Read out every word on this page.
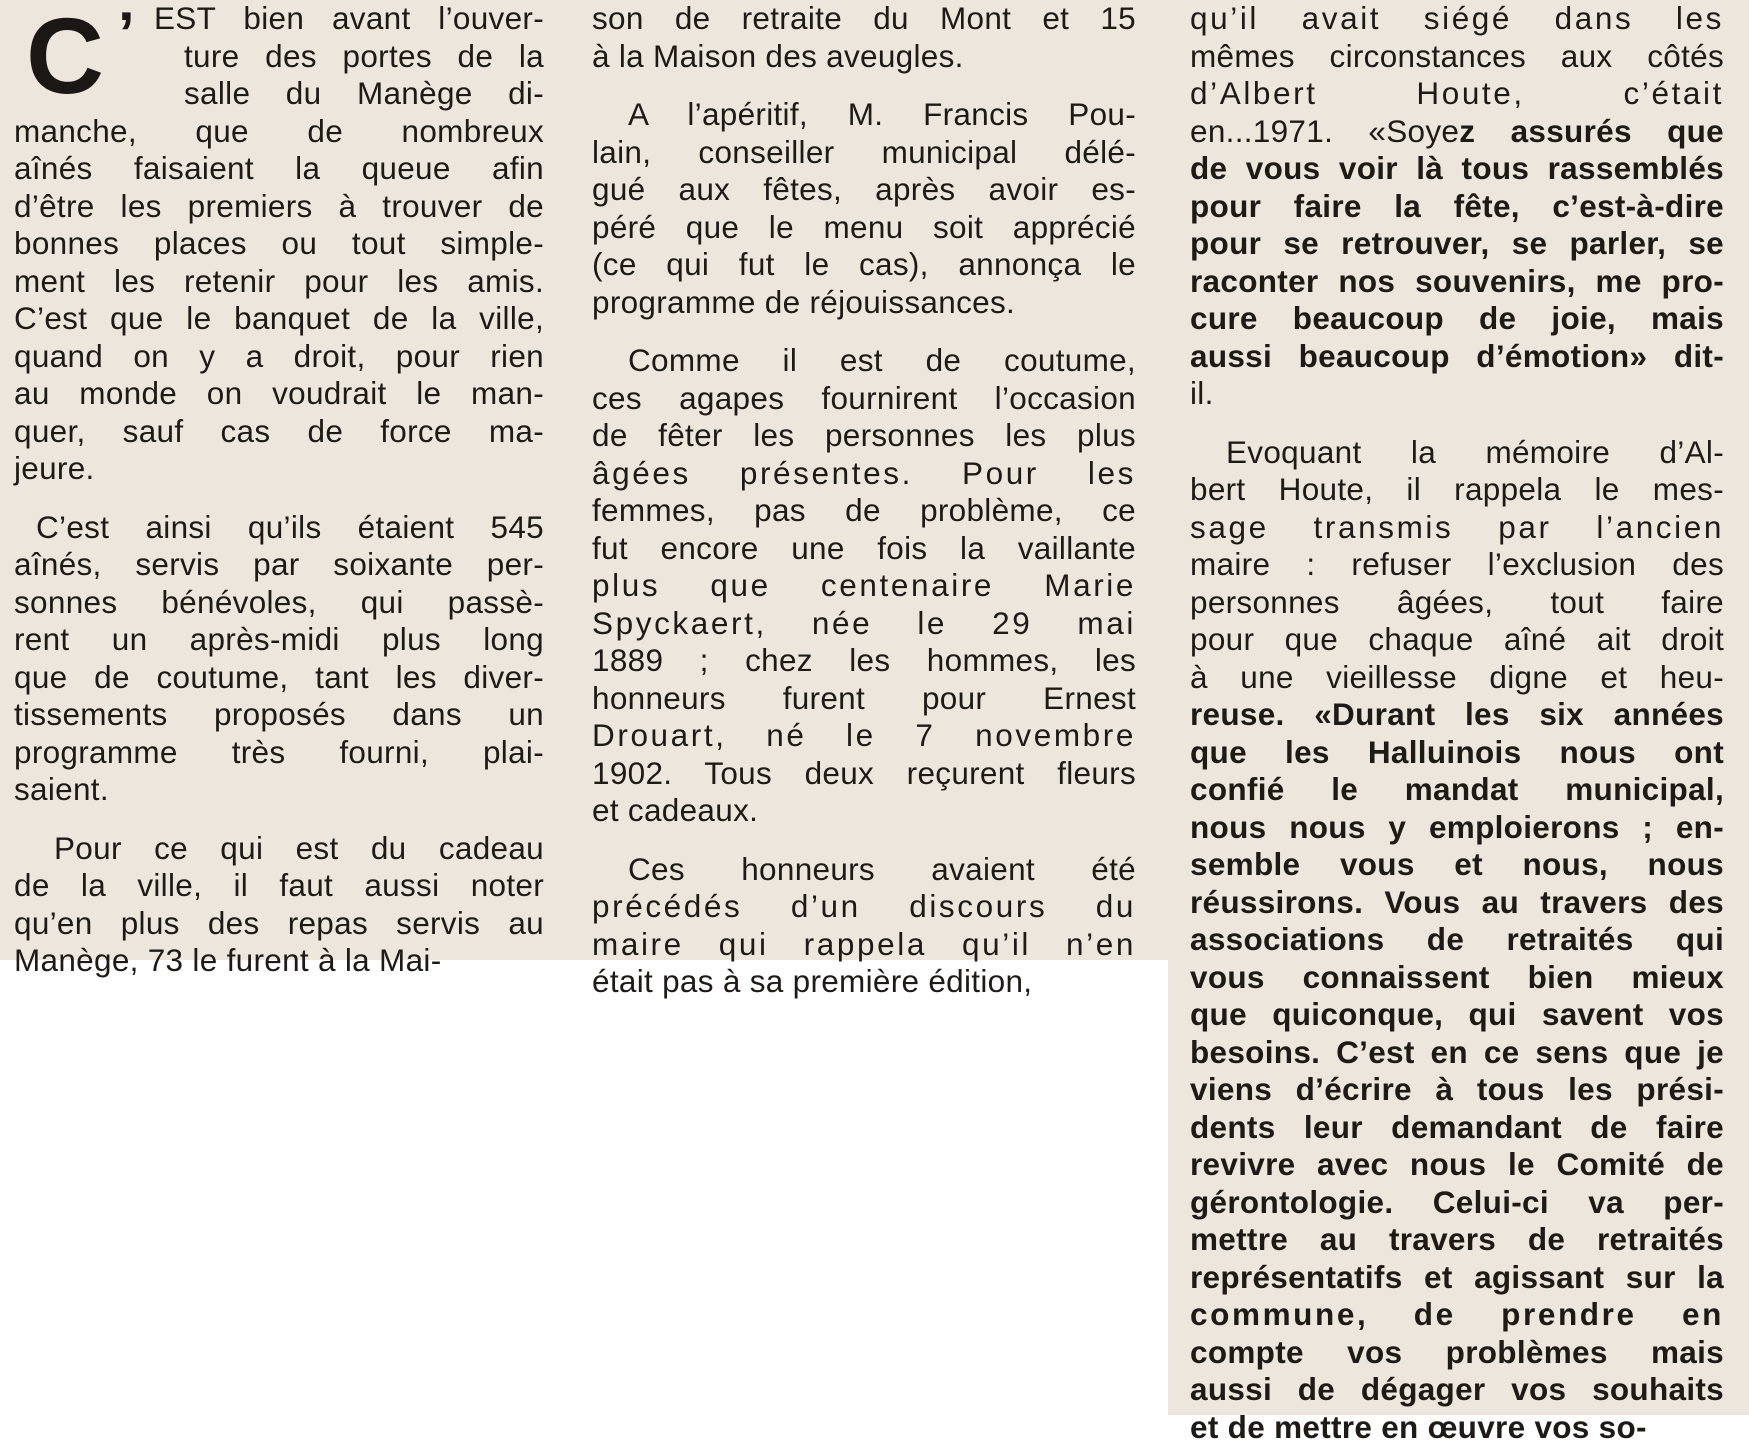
C ’ EST bien avant l’ouver-
ture des portes de la
salle du Manège di-
manche, que de nombreux
aînés faisaient la queue afin
d’être les premiers à trouver de
bonnes places ou tout simple-
ment les retenir pour les amis.
C’est que le banquet de la ville,
quand on y a droit, pour rien
au monde on voudrait le man-
quer, sauf cas de force ma-
jeure.
C’est ainsi qu’ils étaient 545
aînés, servis par soixante per-
sonnes bénévoles, qui passè-
rent un après-midi plus long
que de coutume, tant les diver-
tissements proposés dans un
programme très fourni, plai-
saient.
Pour ce qui est du cadeau
de la ville, il faut aussi noter
qu’en plus des repas servis au
Manège, 73 le furent à la Mai-
son de retraite du Mont et 15
à la Maison des aveugles.
A l’apéritif, M. Francis Pou-
lain, conseiller municipal délé-
gué aux fêtes, après avoir es-
péré que le menu soit apprécié
(ce qui fut le cas), annonça le
programme de réjouissances.
Comme il est de coutume,
ces agapes fournirent l’occasion
de fêter les personnes les plus
âgées présentes. Pour les
femmes, pas de problème, ce
fut encore une fois la vaillante
plus que centenaire Marie
Spyckaert, née le 29 mai
1889 ; chez les hommes, les
honneurs furent pour Ernest
Drouart, né le 7 novembre
1902. Tous deux reçurent fleurs
et cadeaux.
Ces honneurs avaient été
précédés d’un discours du
maire qui rappela qu’il n’en
était pas à sa première édition,
qu’il avait siégé dans les
mêmes circonstances aux côtés
d’Albert Houte, c’était
en...1971. «Soyez assurés que
de vous voir là tous rassemblés
pour faire la fête, c’est-à-dire
pour se retrouver, se parler, se
raconter nos souvenirs, me pro-
cure beaucoup de joie, mais
aussi beaucoup d’émotion» dit-
il.
Evoquant la mémoire d’Al-
bert Houte, il rappela le mes-
sage transmis par l’ancien
maire : refuser l’exclusion des
personnes âgées, tout faire
pour que chaque aîné ait droit
à une vieillesse digne et heu-
reuse. «Durant les six années
que les Halluinois nous ont
confié le mandat municipal,
nous nous y emploierons ; en-
semble vous et nous, nous
réussirons. Vous au travers des
associations de retraités qui
vous connaissent bien mieux
que quiconque, qui savent vos
besoins. C’est en ce sens que je
viens d’écrire à tous les prési-
dents leur demandant de faire
revivre avec nous le Comité de
gérontologie. Celui-ci va per-
mettre au travers de retraités
représentatifs et agissant sur la
commune, de prendre en
compte vos problèmes mais
aussi de dégager vos souhaits
et de mettre en œuvre vos so-
